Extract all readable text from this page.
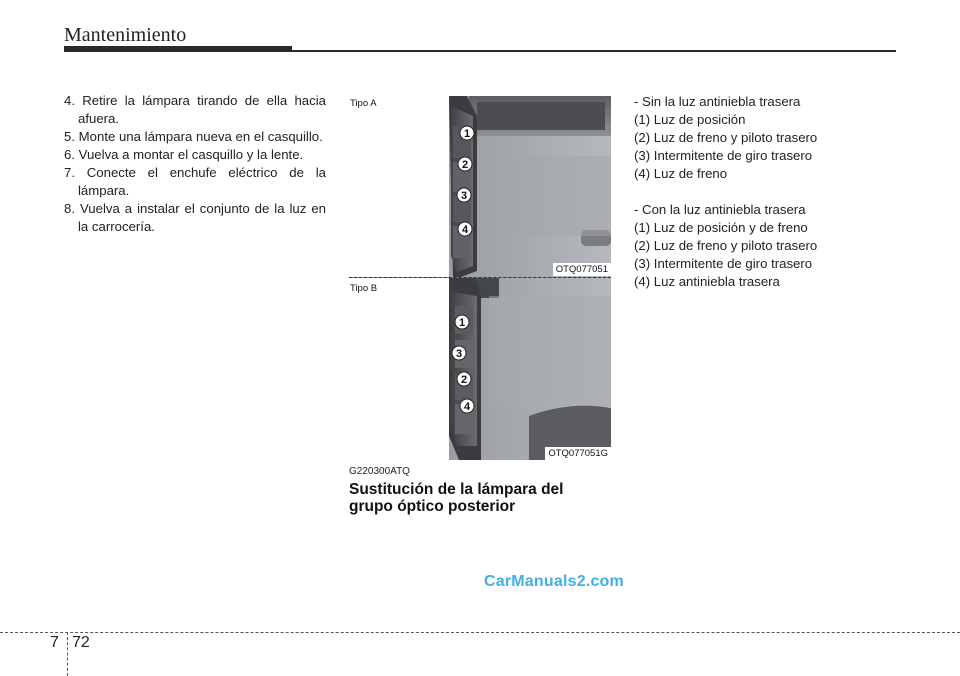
Mantenimiento
4. Retire la lámpara tirando de ella hacia afuera.
5. Monte una lámpara nueva en el casquillo.
6. Vuelva a montar el casquillo y la lente.
7. Conecte el enchufe eléctrico de la lámpara.
8. Vuelva a instalar el conjunto de la luz en la carrocería.
1
2
3
4
1
3
2
4
Tipo A
Tipo B
OTQ077051
OTQ077051G
G220300ATQ
Sustitución de la lámpara del grupo óptico posterior
- Sin la luz antiniebla trasera
(1) Luz de posición
(2) Luz de freno y piloto trasero
(3) Intermitente de giro trasero
(4) Luz de freno
- Con la luz antiniebla trasera
(1) Luz de posición y de freno
(2) Luz de freno y piloto trasero
(3) Intermitente de giro trasero
(4) Luz antiniebla trasera
CarManuals2.com
7 72
